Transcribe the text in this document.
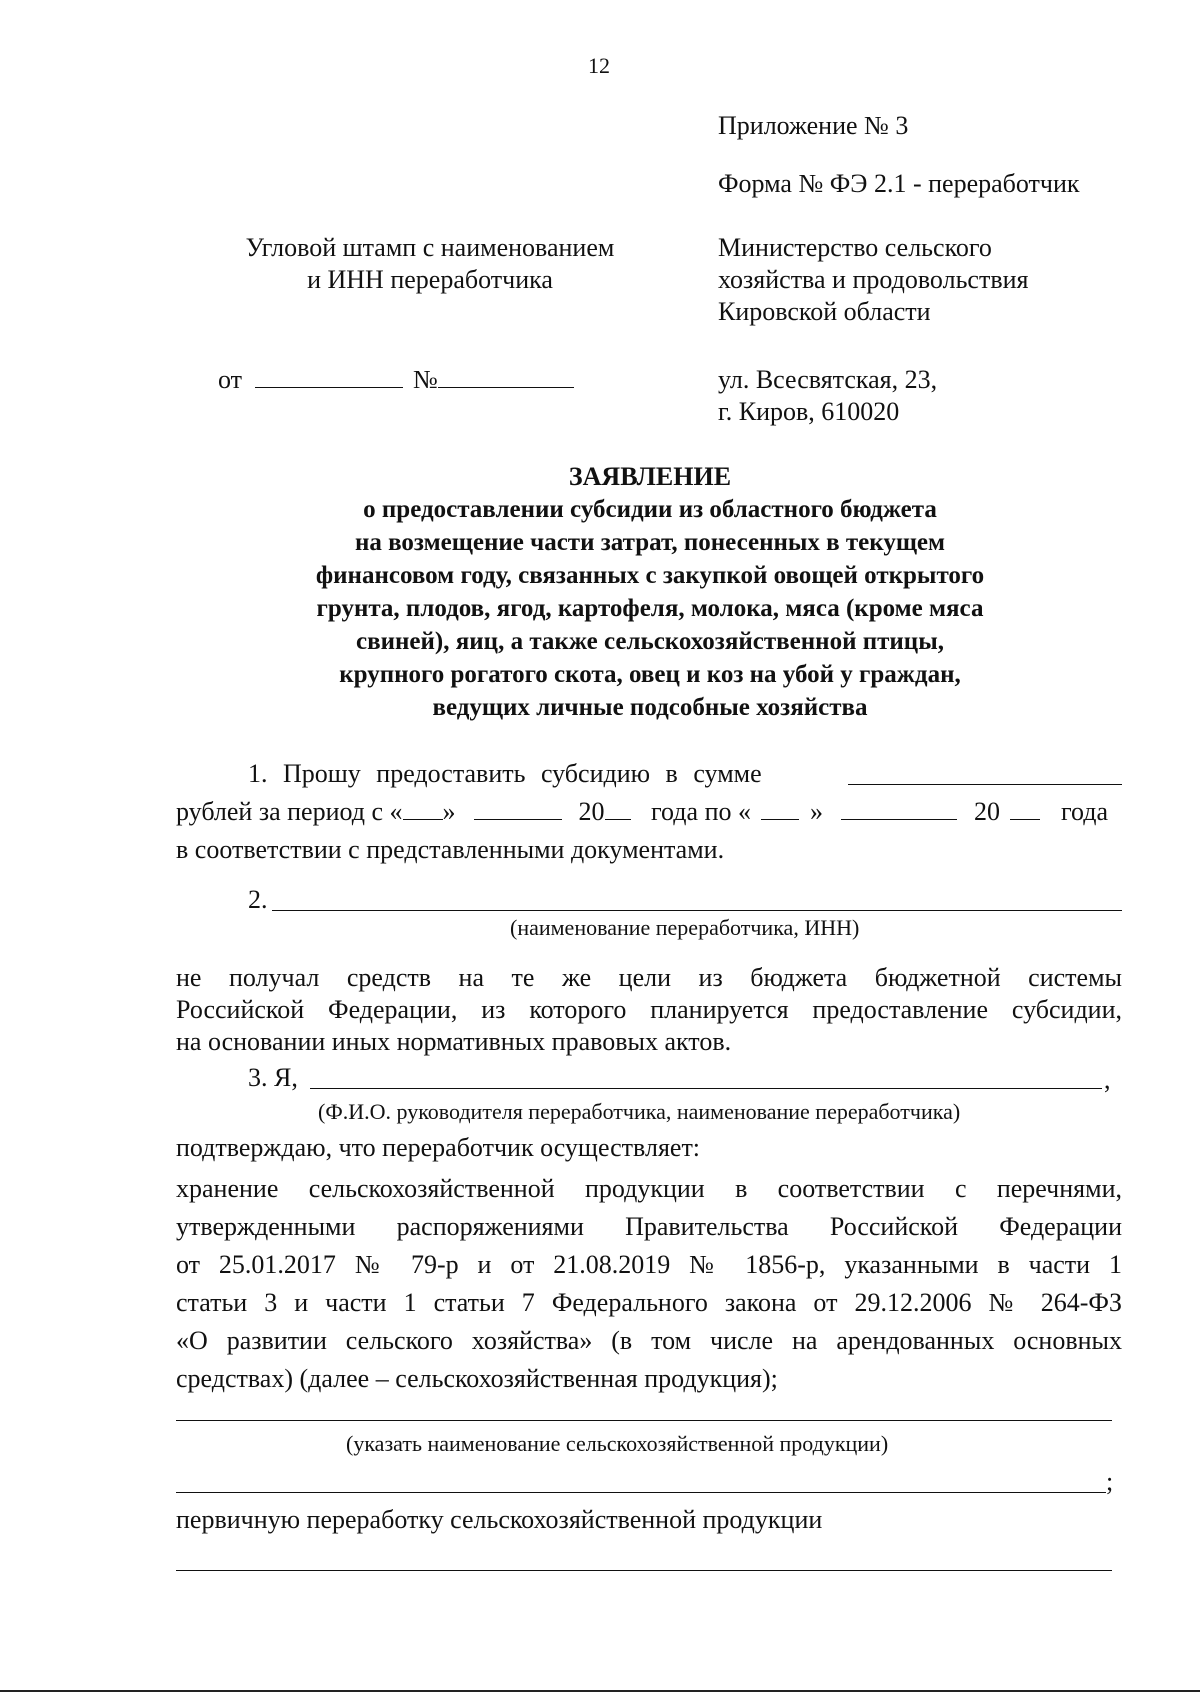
12
Приложение № 3
Форма № ФЭ 2.1 - переработчик
Угловой штамп с наименованием
и ИНН переработчика
от	№
Министерство сельского
хозяйства и продовольствия
Кировской области
ул. Всесвятская, 23,
г. Киров, 610020
ЗАЯВЛЕНИЕ
о предоставлении субсидии из областного бюджета
на возмещение части затрат, понесенных в текущем
финансовом году, связанных с закупкой овощей открытого
грунта, плодов, ягод, картофеля, молока, мяса (кроме мяса
свиней), яиц, а также сельскохозяйственной птицы,
крупного рогатого скота, овец и коз на убой у граждан,
ведущих личные подсобные хозяйства
1. Прошу предоставить субсидию в сумме
рублей за период с « »	20 года по « »	20 года
в соответствии с представленными документами.
2.
(наименование переработчика, ИНН)
не получал средств на те же цели из бюджета бюджетной системы
Российской Федерации, из которого планируется предоставление субсидии,
на основании иных нормативных правовых актов.
3. Я,	,
(Ф.И.О. руководителя переработчика, наименование переработчика)
подтверждаю, что переработчик осуществляет:
хранение сельскохозяйственной продукции в соответствии с перечнями,
утвержденными распоряжениями Правительства Российской Федерации
от 25.01.2017 № 79-р и от 21.08.2019 № 1856-р, указанными в части 1
статьи 3 и части 1 статьи 7 Федерального закона от 29.12.2006 № 264-ФЗ
«О развитии сельского хозяйства» (в том числе на арендованных основных
средствах) (далее – сельскохозяйственная продукция);
(указать наименование сельскохозяйственной продукции)
;
первичную переработку сельскохозяйственной продукции
